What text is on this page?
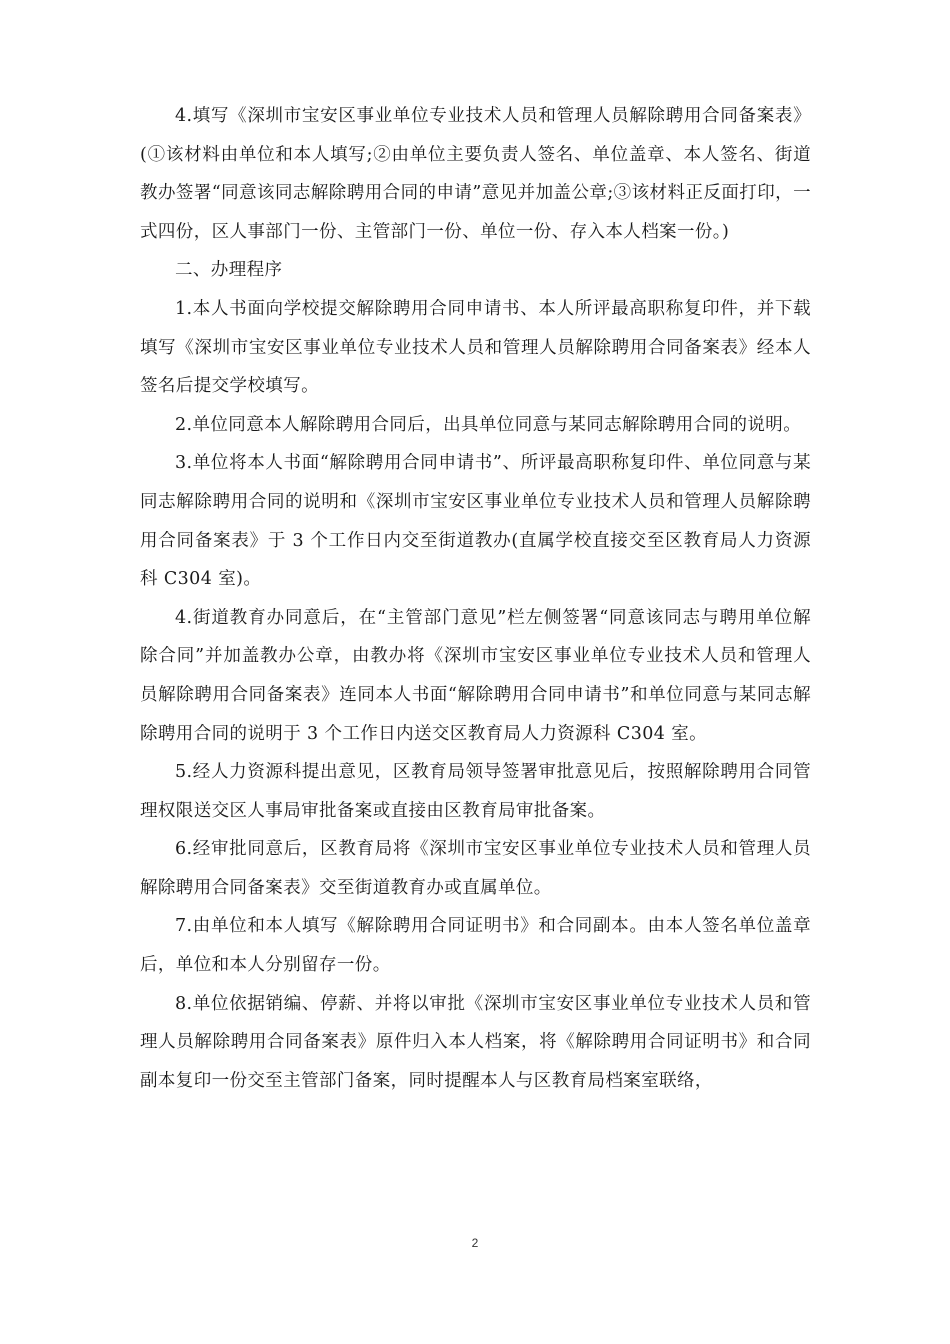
4.填写《深圳市宝安区事业单位专业技术人员和管理人员解除聘用合同备案表》(①该材料由单位和本人填写;②由单位主要负责人签名、单位盖章、本人签名、街道教办签署“同意该同志解除聘用合同的申请”意见并加盖公章;③该材料正反面打印，一式四份，区人事部门一份、主管部门一份、单位一份、存入本人档案一份。)

二、办理程序

1.本人书面向学校提交解除聘用合同申请书、本人所评最高职称复印件，并下载填写《深圳市宝安区事业单位专业技术人员和管理人员解除聘用合同备案表》经本人签名后提交学校填写。

2.单位同意本人解除聘用合同后，出具单位同意与某同志解除聘用合同的说明。

3.单位将本人书面“解除聘用合同申请书”、所评最高职称复印件、单位同意与某同志解除聘用合同的说明和《深圳市宝安区事业单位专业技术人员和管理人员解除聘用合同备案表》于 3 个工作日内交至街道教办(直属学校直接交至区教育局人力资源科 C304 室)。

4.街道教育办同意后，在“主管部门意见”栏左侧签署“同意该同志与聘用单位解除合同”并加盖教办公章，由教办将《深圳市宝安区事业单位专业技术人员和管理人员解除聘用合同备案表》连同本人书面“解除聘用合同申请书”和单位同意与某同志解除聘用合同的说明于 3 个工作日内送交区教育局人力资源科 C304 室。

5.经人力资源科提出意见，区教育局领导签署审批意见后，按照解除聘用合同管理权限送交区人事局审批备案或直接由区教育局审批备案。

6.经审批同意后，区教育局将《深圳市宝安区事业单位专业技术人员和管理人员解除聘用合同备案表》交至街道教育办或直属单位。

7.由单位和本人填写《解除聘用合同证明书》和合同副本。由本人签名单位盖章后，单位和本人分别留存一份。

8.单位依据销编、停薪、并将以审批《深圳市宝安区事业单位专业技术人员和管理人员解除聘用合同备案表》原件归入本人档案，将《解除聘用合同证明书》和合同副本复印一份交至主管部门备案，同时提醒本人与区教育局档案室联络，

2
